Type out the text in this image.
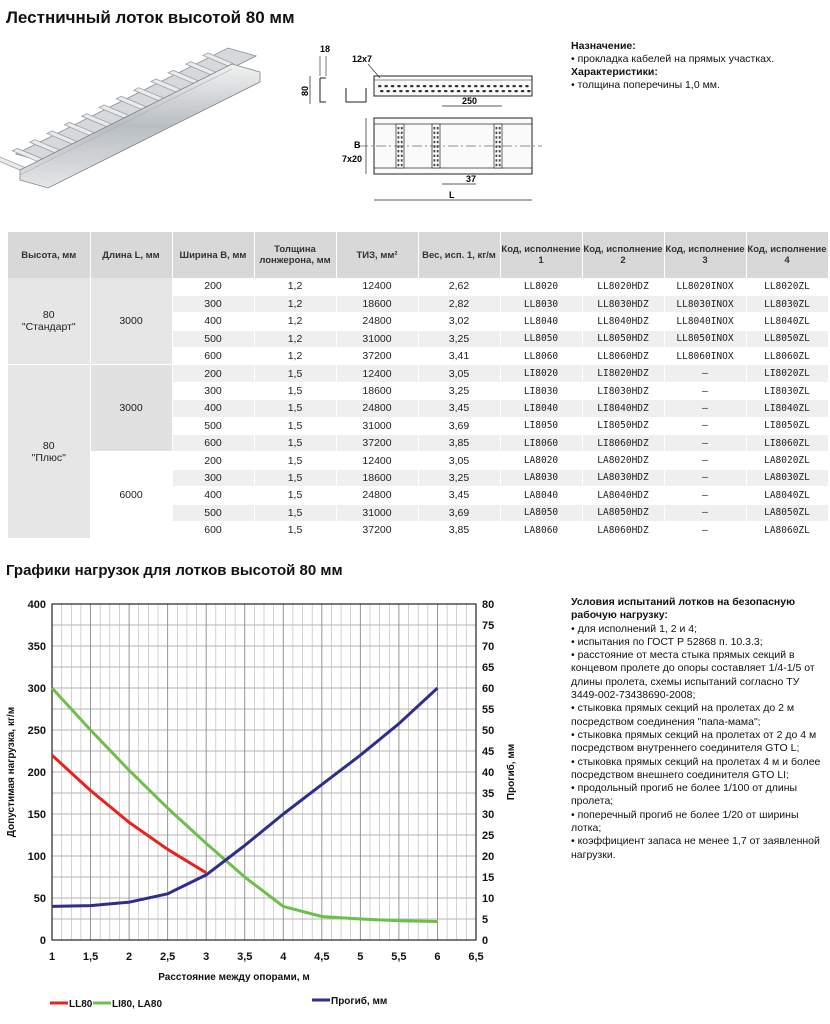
Лестничный лоток высотой 80 мм
80
18
12x7
B
250
7x20
37
L
Назначение:
• прокладка кабелей на прямых участках.
Характеристики:
• толщина поперечины 1,0 мм.
Высота, мм	Длина L, мм	Ширина B, мм	Толщина лонжерона, мм	ТИЗ, мм²	Вес, исп. 1, кг/м	Код, исполнение 1	Код, исполнение 2	Код, исполнение 3	Код, исполнение 4
80
"Стандарт"	3000	200	1,2	12400	2,62	LL8020	LL8020HDZ	LL8020INOX	LL8020ZL
		300	1,2	18600	2,82	LL8030	LL8030HDZ	LL8030INOX	LL8030ZL
		400	1,2	24800	3,02	LL8040	LL8040HDZ	LL8040INOX	LL8040ZL
		500	1,2	31000	3,25	LL8050	LL8050HDZ	LL8050INOX	LL8050ZL
		600	1,2	37200	3,41	LL8060	LL8060HDZ	LL8060INOX	LL8060ZL
80
"Плюс"	3000	200	1,5	12400	3,05	LI8020	LI8020HDZ	–	LI8020ZL
		300	1,5	18600	3,25	LI8030	LI8030HDZ	–	LI8030ZL
		400	1,5	24800	3,45	LI8040	LI8040HDZ	–	LI8040ZL
		500	1,5	31000	3,69	LI8050	LI8050HDZ	–	LI8050ZL
		600	1,5	37200	3,85	LI8060	LI8060HDZ	–	LI8060ZL
	6000	200	1,5	12400	3,05	LA8020	LA8020HDZ	–	LA8020ZL
		300	1,5	18600	3,25	LA8030	LA8030HDZ	–	LA8030ZL
		400	1,5	24800	3,45	LA8040	LA8040HDZ	–	LA8040ZL
		500	1,5	31000	3,69	LA8050	LA8050HDZ	–	LA8050ZL
		600	1,5	37200	3,85	LA8060	LA8060HDZ	–	LA8060ZL
Графики нагрузок для лотков высотой 80 мм
0
50
100
150
200
250
300
350
400
0
5
10
15
20
25
30
35
40
45
50
55
60
65
70
75
80
1	1,5	2	2,5	3	3,5	4	4,5	5	5,5	6	6,5
Расстояние между опорами, м
Допустимая нагрузка, кг/м	Прогиб, мм
LL80 LI80, LA80	Прогиб, мм
Условия испытаний лотков на безопасную рабочую нагрузку:
• для исполнений 1, 2 и 4;
• испытания по ГОСТ Р 52868 п. 10.3.3;
• расстояние от места стыка прямых секций в концевом пролете до опоры составляет 1/4-1/5 от длины пролета, схемы испытаний согласно ТУ 3449-002-73438690-2008;
• стыковка прямых секций на пролетах до 2 м посредством соединения "папа-мама";
• стыковка прямых секций на пролетах от 2 до 4 м посредством внутреннего соединителя GTO L;
• стыковка прямых секций на пролетах 4 м и более посредством внешнего соединителя GTO LI;
• продольный прогиб не более 1/100 от длины пролета;
• поперечный прогиб не более 1/20 от ширины лотка;
• коэффициент запаса не менее 1,7 от заявленной нагрузки.
